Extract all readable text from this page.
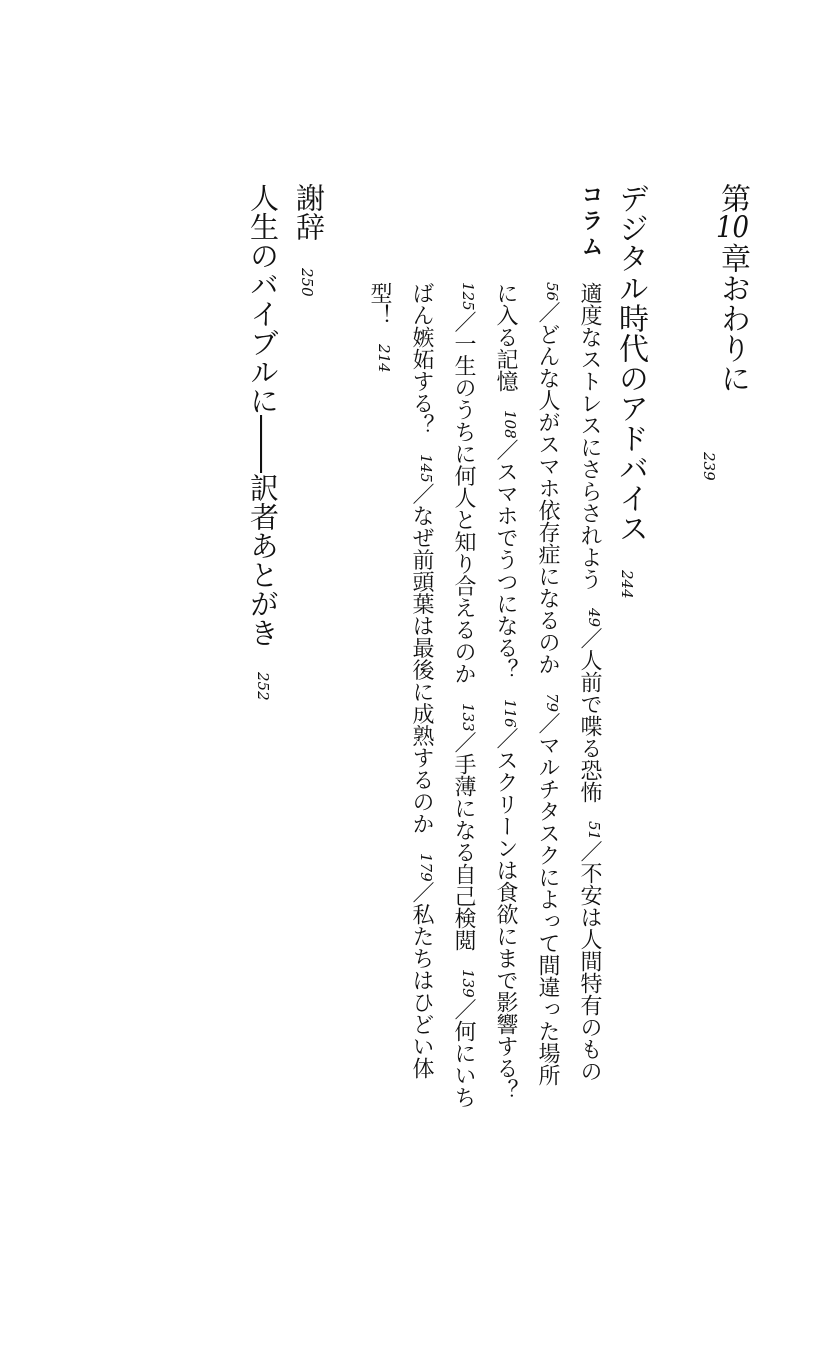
第10章おわりに
239
デジタル時代のアドバイス
244
コラム
適度なストレスにさらされよう49／人前で喋る恐怖51／不安は人間特有のもの
56／どんな人がスマホ依存症になるのか79／マルチタスクによって間違った場所
に入る記憶108／スマホでうつになる？116／スクリーンは食欲にまで影響する？
125／一生のうちに何人と知り合えるのか133／手薄になる自己検閲139／何にいち
ばん嫉妬する？145／なぜ前頭葉は最後に成熟するのか179／私たちはひどい体
型！214
謝辞
250
人生のバイブルに――訳者あとがき
252
